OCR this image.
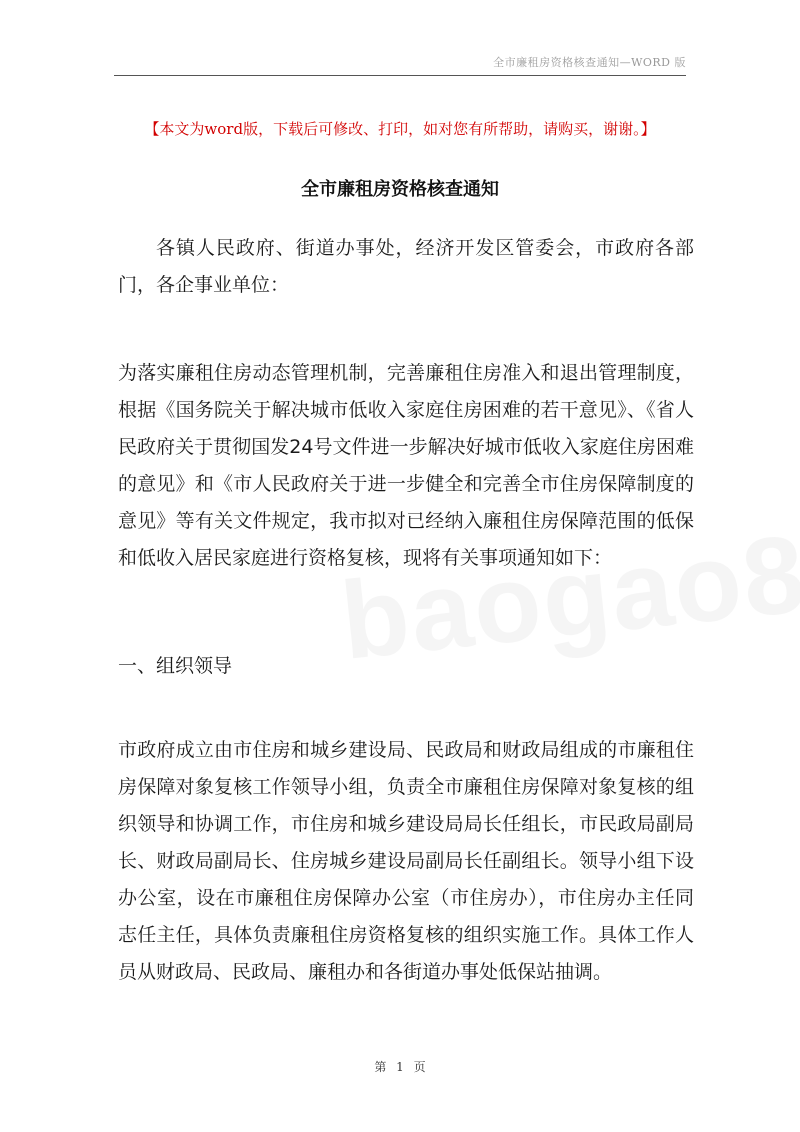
全市廉租房资格核查通知—WORD 版
【本文为word版，下载后可修改、打印，如对您有所帮助，请购买，谢谢。】
全市廉租房资格核查通知

各镇人民政府、街道办事处，经济开发区管委会，市政府各部门，各企事业单位：

为落实廉租住房动态管理机制，完善廉租住房准入和退出管理制度，根据《国务院关于解决城市低收入家庭住房困难的若干意见》、《省人民政府关于贯彻国发24号文件进一步解决好城市低收入家庭住房困难的意见》和《市人民政府关于进一步健全和完善全市住房保障制度的意见》等有关文件规定，我市拟对已经纳入廉租住房保障范围的低保和低收入居民家庭进行资格复核，现将有关事项通知如下：

一、组织领导

市政府成立由市住房和城乡建设局、民政局和财政局组成的市廉租住房保障对象复核工作领导小组，负责全市廉租住房保障对象复核的组织领导和协调工作，市住房和城乡建设局局长任组长，市民政局副局长、财政局副局长、住房城乡建设局副局长任副组长。领导小组下设办公室，设在市廉租住房保障办公室（市住房办），市住房办主任同志任主任，具体负责廉租住房资格复核的组织实施工作。具体工作人员从财政局、民政局、廉租办和各街道办事处低保站抽调。

第 1 页
